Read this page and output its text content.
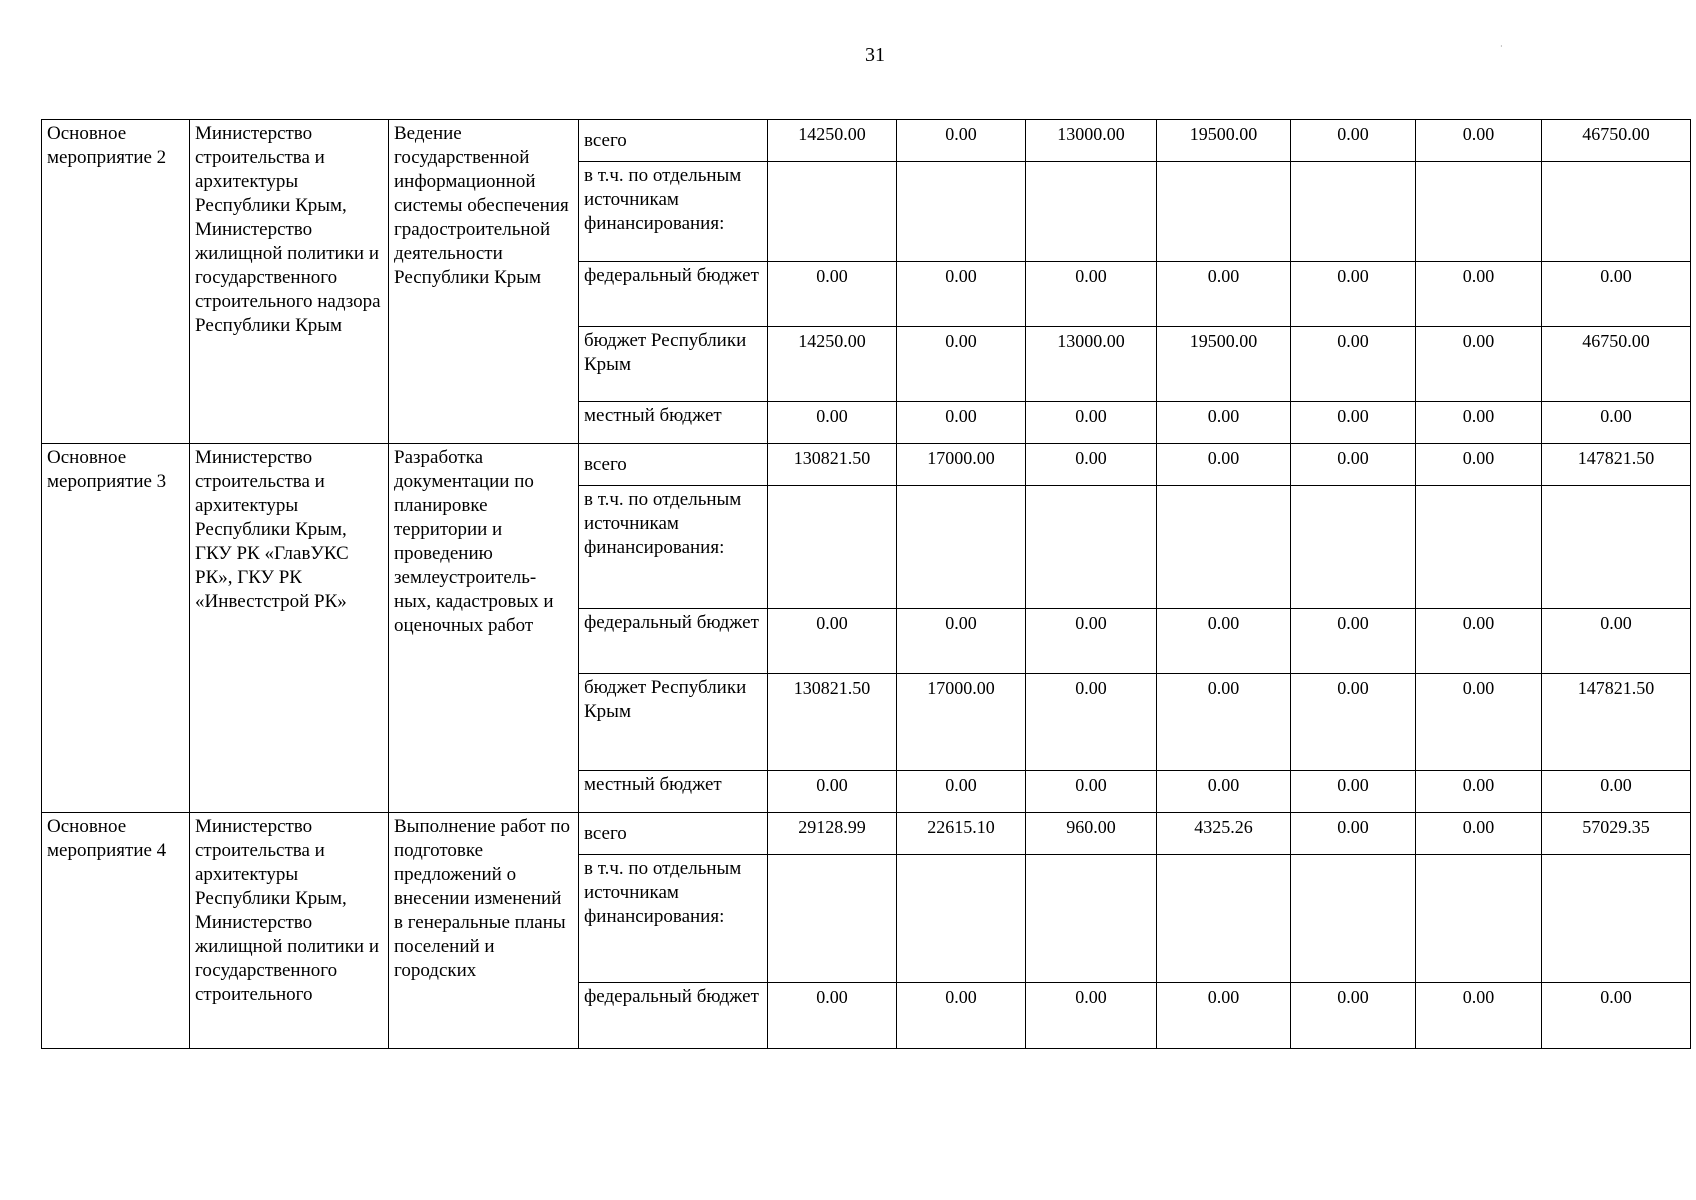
31	·
Основное мероприятие 2	Министерство строительства и архитектуры Республики Крым, Министерство жилищной политики и государственного строительного надзора Республики Крым	Ведение государственной информационной системы обеспечения градостроительной деятельности Республики Крым	всего	14250.00	0.00	13000.00	19500.00	0.00	0.00	46750.00
			в т.ч. по отдельным источникам финансирования:							
			федеральный бюджет	0.00	0.00	0.00	0.00	0.00	0.00	0.00
			бюджет Республики Крым	14250.00	0.00	13000.00	19500.00	0.00	0.00	46750.00
			местный бюджет	0.00	0.00	0.00	0.00	0.00	0.00	0.00
Основное мероприятие 3	Министерство строительства и архитектуры Республики Крым, ГКУ РК «ГлавУКС РК», ГКУ РК «Инвестстрой РК»	Разработка документации по планировке территории и проведению землеустроитель-ных, кадастровых и оценочных работ	всего	130821.50	17000.00	0.00	0.00	0.00	0.00	147821.50
			в т.ч. по отдельным источникам финансирования:							
			федеральный бюджет	0.00	0.00	0.00	0.00	0.00	0.00	0.00
			бюджет Республики Крым	130821.50	17000.00	0.00	0.00	0.00	0.00	147821.50
			местный бюджет	0.00	0.00	0.00	0.00	0.00	0.00	0.00
Основное мероприятие 4	Министерство строительства и архитектуры Республики Крым, Министерство жилищной политики и государственного строительного	Выполнение работ по подготовке предложений о внесении изменений в генеральные планы поселений и городских	всего	29128.99	22615.10	960.00	4325.26	0.00	0.00	57029.35
			в т.ч. по отдельным источникам финансирования:							
			федеральный бюджет	0.00	0.00	0.00	0.00	0.00	0.00	0.00
